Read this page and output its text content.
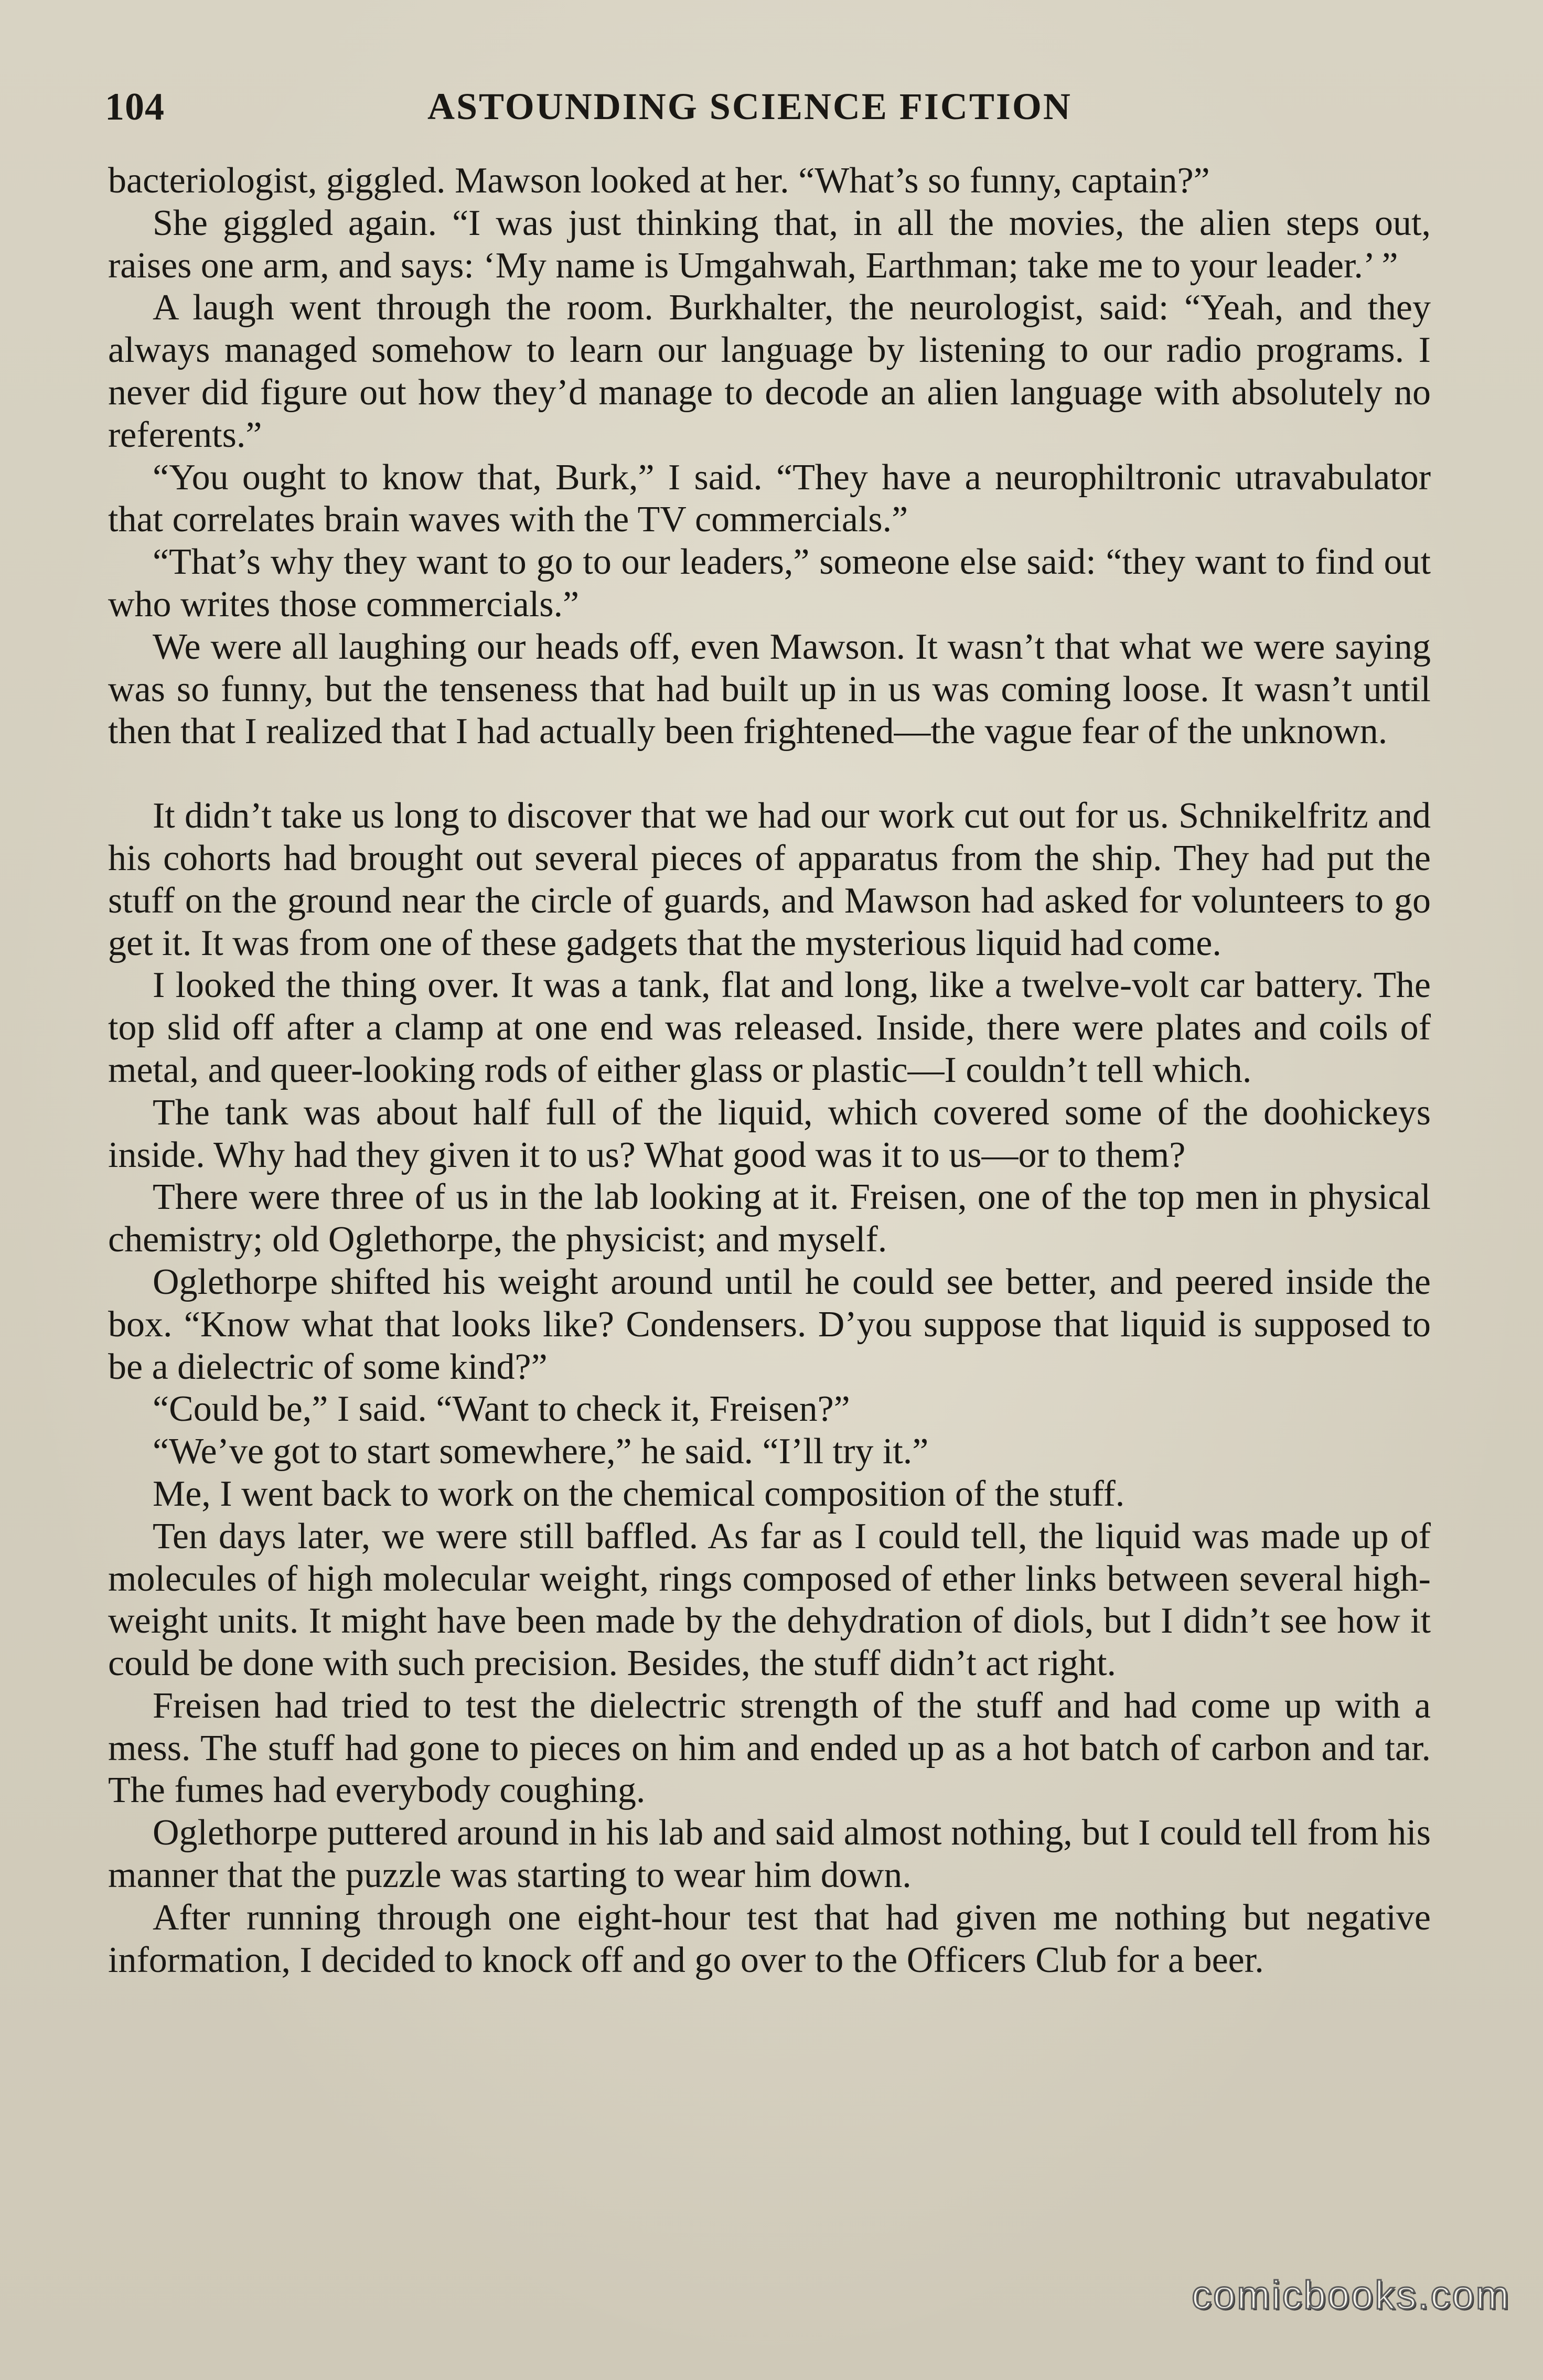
104	ASTOUNDING SCIENCE FICTION

bacteriologist, giggled. Mawson looked at her. “What’s so funny, captain?”

She giggled again. “I was just thinking that, in all the movies, the alien steps out, raises one arm, and says: ‘My name is Umgahwah, Earthman; take me to your leader.’ ”

A laugh went through the room. Burkhalter, the neurologist, said: “Yeah, and they always managed somehow to learn our language by listening to our radio programs. I never did figure out how they’d manage to decode an alien language with absolutely no referents.”

“You ought to know that, Burk,” I said. “They have a neurophiltronic utravabulator that correlates brain waves with the TV commercials.”

“That’s why they want to go to our leaders,” someone else said: “they want to find out who writes those commercials.”

We were all laughing our heads off, even Mawson. It wasn’t that what we were saying was so funny, but the tenseness that had built up in us was coming loose. It wasn’t until then that I realized that I had actually been frightened—the vague fear of the unknown.

It didn’t take us long to discover that we had our work cut out for us. Schnikelfritz and his cohorts had brought out several pieces of apparatus from the ship. They had put the stuff on the ground near the circle of guards, and Mawson had asked for volunteers to go get it. It was from one of these gadgets that the mysterious liquid had come.

I looked the thing over. It was a tank, flat and long, like a twelve-volt car battery. The top slid off after a clamp at one end was released. Inside, there were plates and coils of metal, and queer-looking rods of either glass or plastic—I couldn’t tell which.

The tank was about half full of the liquid, which covered some of the doohickeys inside. Why had they given it to us? What good was it to us—or to them?

There were three of us in the lab looking at it. Freisen, one of the top men in physical chemistry; old Oglethorpe, the physicist; and myself.

Oglethorpe shifted his weight around until he could see better, and peered inside the box. “Know what that looks like? Condensers. D’you suppose that liquid is supposed to be a dielectric of some kind?”

“Could be,” I said. “Want to check it, Freisen?”

“We’ve got to start somewhere,” he said. “I’ll try it.”

Me, I went back to work on the chemical composition of the stuff.

Ten days later, we were still baffled. As far as I could tell, the liquid was made up of molecules of high molecular weight, rings composed of ether links between several high-weight units. It might have been made by the dehydration of diols, but I didn’t see how it could be done with such precision. Besides, the stuff didn’t act right.

Freisen had tried to test the dielectric strength of the stuff and had come up with a mess. The stuff had gone to pieces on him and ended up as a hot batch of carbon and tar. The fumes had everybody coughing.

Oglethorpe puttered around in his lab and said almost nothing, but I could tell from his manner that the puzzle was starting to wear him down.

After running through one eight-hour test that had given me nothing but negative information, I decided to knock off and go over to the Officers Club for a beer.

comicbooks.com
